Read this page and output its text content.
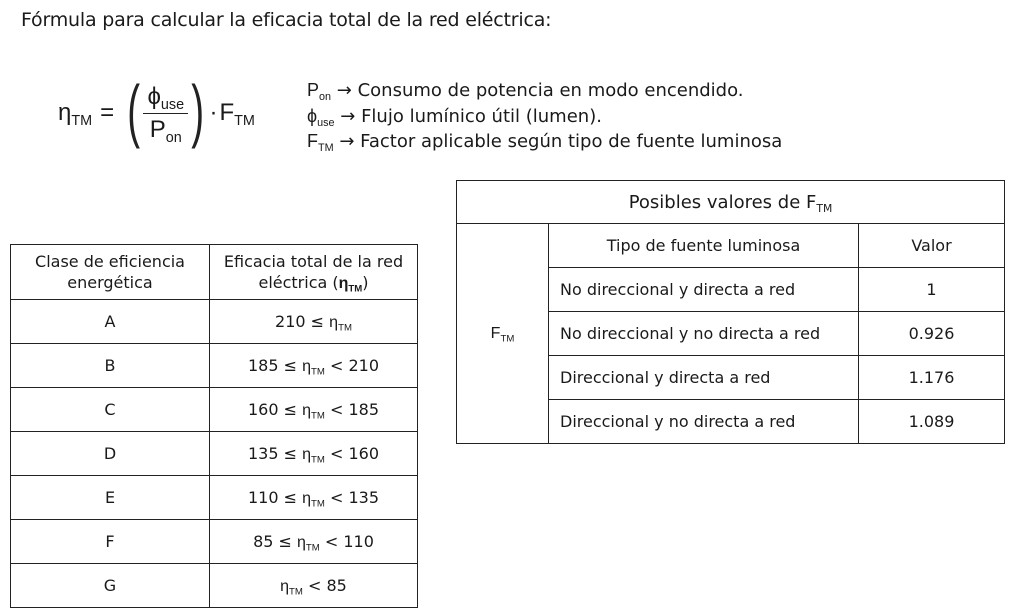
Fórmula para calcular la eficacia total de la red eléctrica:
$\eta_{TM}$ = ( $\frac{\phi_{use}}{P_{on}}$ ) · $F_{TM}$
$P_{on}$ → Consumo de potencia en modo encendido.
$\phi_{use}$ → Flujo lumínico útil (lumen).
$F_{TM}$ → Factor aplicable según tipo de fuente luminosa
Clase de eficiencia
energética	Eficacia total de la red
eléctrica $(\eta_{TM})$
A	$210 \le \eta_{TM}$
B	$185 \le \eta_{TM} < 210$
C	$160 \le \eta_{TM} < 185$
D	$135 \le \eta_{TM} < 160$
E	$110 \le \eta_{TM} < 135$
F	$85 \le \eta_{TM} < 110$
G	$\eta_{TM} < 85$
Posibles valores de $F_{TM}$
$F_{TM}$	Tipo de fuente luminosa	Valor
	No direccional y directa a red	1
	No direccional y no directa a red	0.926
	Direccional y directa a red	1.176
	Direccional y no directa a red	1.089
